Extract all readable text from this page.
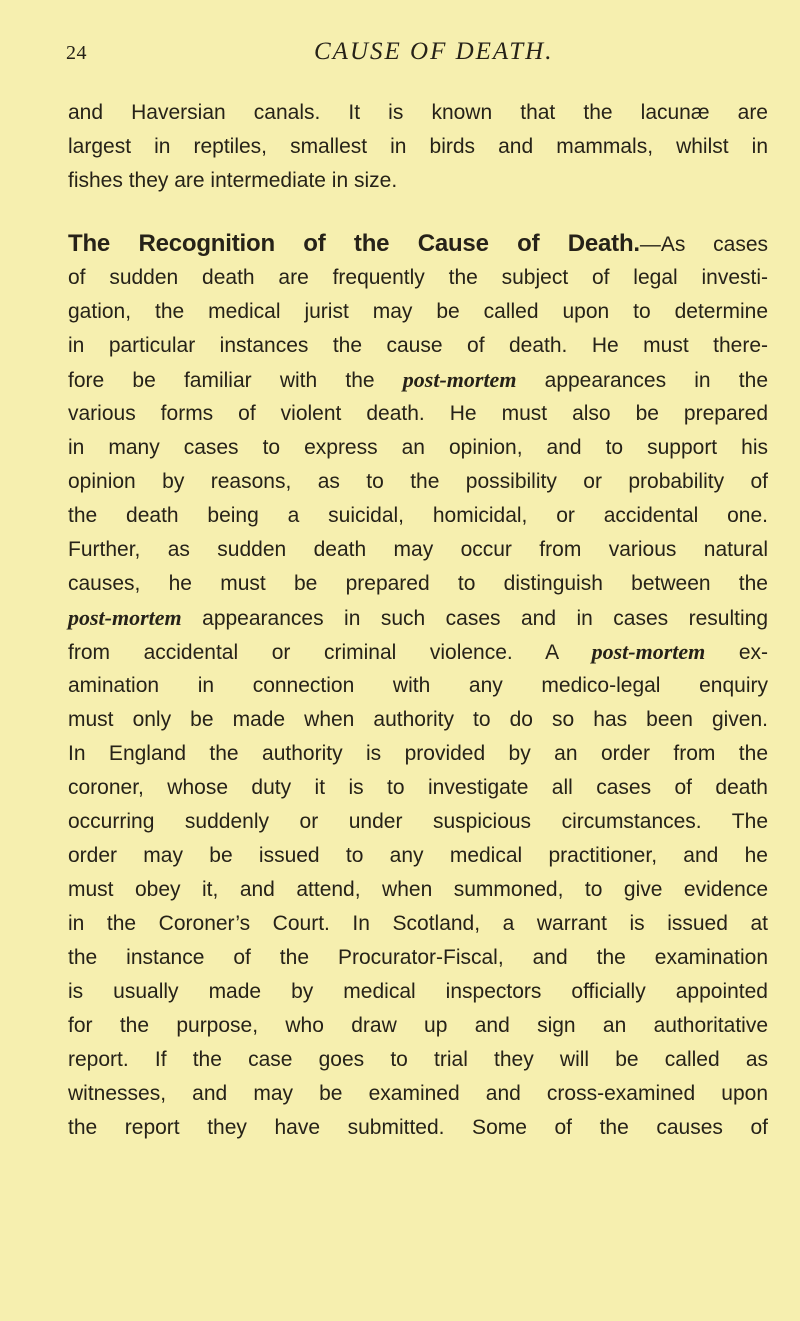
24	CAUSE OF DEATH.
and Haversian canals. It is known that the lacunæ are
largest in reptiles, smallest in birds and mammals, whilst in
fishes they are intermediate in size.
The Recognition of the Cause of Death.—As cases
of sudden death are frequently the subject of legal investi-
gation, the medical jurist may be called upon to determine
in particular instances the cause of death. He must there-
fore be familiar with the post-mortem appearances in the
various forms of violent death. He must also be prepared
in many cases to express an opinion, and to support his
opinion by reasons, as to the possibility or probability of
the death being a suicidal, homicidal, or accidental one.
Further, as sudden death may occur from various natural
causes, he must be prepared to distinguish between the
post-mortem appearances in such cases and in cases resulting
from accidental or criminal violence. A post-mortem ex-
amination in connection with any medico-legal enquiry
must only be made when authority to do so has been given.
In England the authority is provided by an order from the
coroner, whose duty it is to investigate all cases of death
occurring suddenly or under suspicious circumstances. The
order may be issued to any medical practitioner, and he
must obey it, and attend, when summoned, to give evidence
in the Coroner’s Court. In Scotland, a warrant is issued at
the instance of the Procurator-Fiscal, and the examination
is usually made by medical inspectors officially appointed
for the purpose, who draw up and sign an authoritative
report. If the case goes to trial they will be called as
witnesses, and may be examined and cross-examined upon
the report they have submitted. Some of the causes of
